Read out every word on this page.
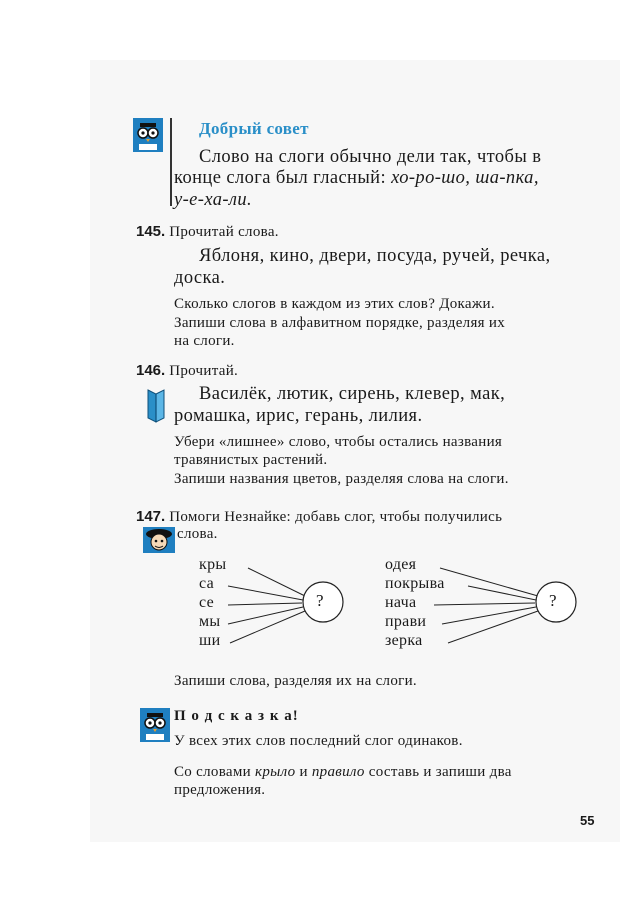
Добрый совет
Слово на слоги обычно дели так, чтобы в
конце слога был гласный: хо-ро-шо, ша-пка,
у-е-ха-ли.
145. Прочитай слова.
Яблоня, кино, двери, посуда, ручей, речка,
доска.
Сколько слогов в каждом из этих слов? Докажи.
Запиши слова в алфавитном порядке, разделяя их
на слоги.
146. Прочитай.
Василёк, лютик, сирень, клевер, мак,
ромашка, ирис, герань, лилия.
Убери «лишнее» слово, чтобы остались названия
травянистых растений.
Запиши названия цветов, разделяя слова на слоги.
147. Помоги Незнайке: добавь слог, чтобы получились
слова.
кры
са
се
мы
ши
?	?
одея
покрыва
нача
прави
зерка
Запиши слова, разделяя их на слоги.
П о д с к а з к а!
У всех этих слов последний слог одинаков.
Со словами крыло и правило составь и запиши два
предложения.
55
